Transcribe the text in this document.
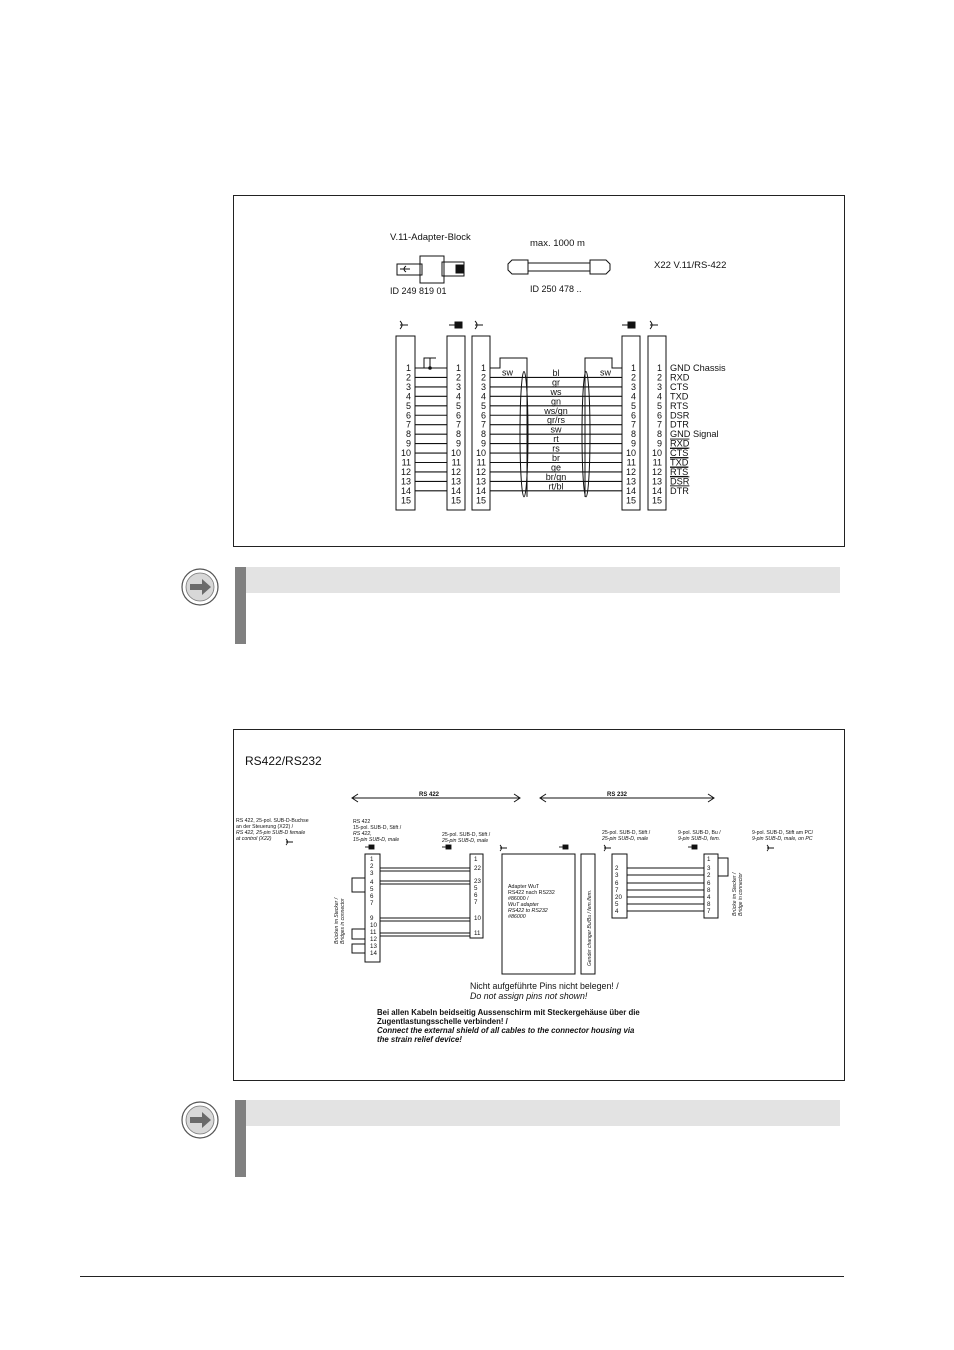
V.11-Adapter-Block
ID 249 819 01
max. 1000 m
ID 250 478 ..
X22 V.11/RS-422
bl
gr
ws
gn
ws/gn
gr/rs
sw
rt
rs
br
ge
br/gn
rt/bl
sw	sw
1
2
3
4
5
6
7
8
9
10
11
12
13
14
15
1
2
3
4
5
6
7
8
9
10
11
12
13
14
15
1
2
3
4
5
6
7
8
9
10
11
12
13
14
15
1
2
3
4
5
6
7
8
9
10
11
12
13
14
15
1
2
3
4
5
6
7
8
9
10
11
12
13
14
15
GND Chassis
RXD
CTS
TXD
RTS
DSR
DTR
GND Signal
RXD
CTS
TXD
RTS
DSR
DTR
RS422/RS232
RS 422	RS 232
RS 422, 25-pol. SUB-D-Buchse
an der Steuerung (X22) /
RS 422, 25-pin SUB-D female
at control (X22)
RS 422
15-pol. SUB-D, Stift /
RS 422,
15-pin SUB-D, male
25-pol. SUB-D, Stift /
25-pin SUB-D, male
25-pol. SUB-D, Stift /
25-pin SUB-D, male
9-pol. SUB-D, Bu /
9-pin SUB-D, fem.
9-pol. SUB-D, Stift am PC/
9-pin SUB-D, male, on PC
1
2
3
4
5
6
7
9
10
11
12
13
14
1
22
23
5
6
7
10
11
2
3
6
7
20
5
4
1
3
2
6
8
4
8
7
Brücken im Stecker / Bridges in connector
Brücke im Stecker / Bridge in connector
Gender changer Bu/Bu / fem./fem.
Adapter WuT
RS422 nach RS232
#86000 /
WuT adapter
RS422 to RS232
#86000
Nicht aufgeführte Pins nicht belegen! /
Do not assign pins not shown!
Bei allen Kabeln beidseitig Aussenschirm mit Steckergehäuse über die
Zugentlastungsschelle verbinden! /
Connect the external shield of all cables to the connector housing via
the strain relief device!
